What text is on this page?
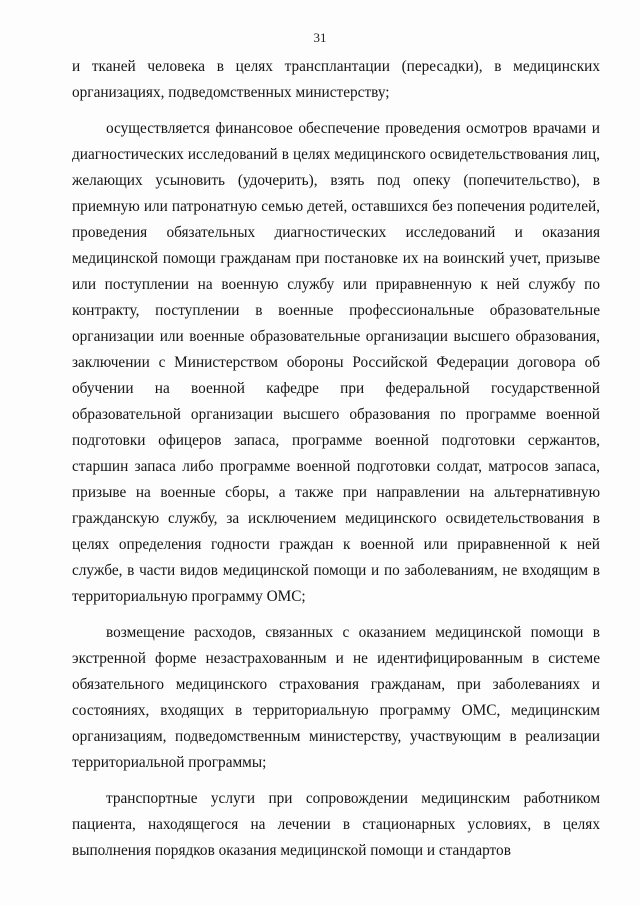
31

и тканей человека в целях трансплантации (пересадки), в медицинских организациях, подведомственных министерству;

осуществляется финансовое обеспечение проведения осмотров врачами и диагностических исследований в целях медицинского освидетельствования лиц, желающих усыновить (удочерить), взять под опеку (попечительство), в приемную или патронатную семью детей, оставшихся без попечения родителей, проведения обязательных диагностических исследований и оказания медицинской помощи гражданам при постановке их на воинский учет, призыве или поступлении на военную службу или приравненную к ней службу по контракту, поступлении в военные профессиональные образовательные организации или военные образовательные организации высшего образования, заключении с Министерством обороны Российской Федерации договора об обучении на военной кафедре при федеральной государственной образовательной организации высшего образования по программе военной подготовки офицеров запаса, программе военной подготовки сержантов, старшин запаса либо программе военной подготовки солдат, матросов запаса, призыве на военные сборы, а также при направлении на альтернативную гражданскую службу, за исключением медицинского освидетельствования в целях определения годности граждан к военной или приравненной к ней службе, в части видов медицинской помощи и по заболеваниям, не входящим в территориальную программу ОМС;

возмещение расходов, связанных с оказанием медицинской помощи в экстренной форме незастрахованным и не идентифицированным в системе обязательного медицинского страхования гражданам, при заболеваниях и состояниях, входящих в территориальную программу ОМС, медицинским организациям, подведомственным министерству, участвующим в реализации территориальной программы;

транспортные услуги при сопровождении медицинским работником пациента, находящегося на лечении в стационарных условиях, в целях выполнения порядков оказания медицинской помощи и стандартов
